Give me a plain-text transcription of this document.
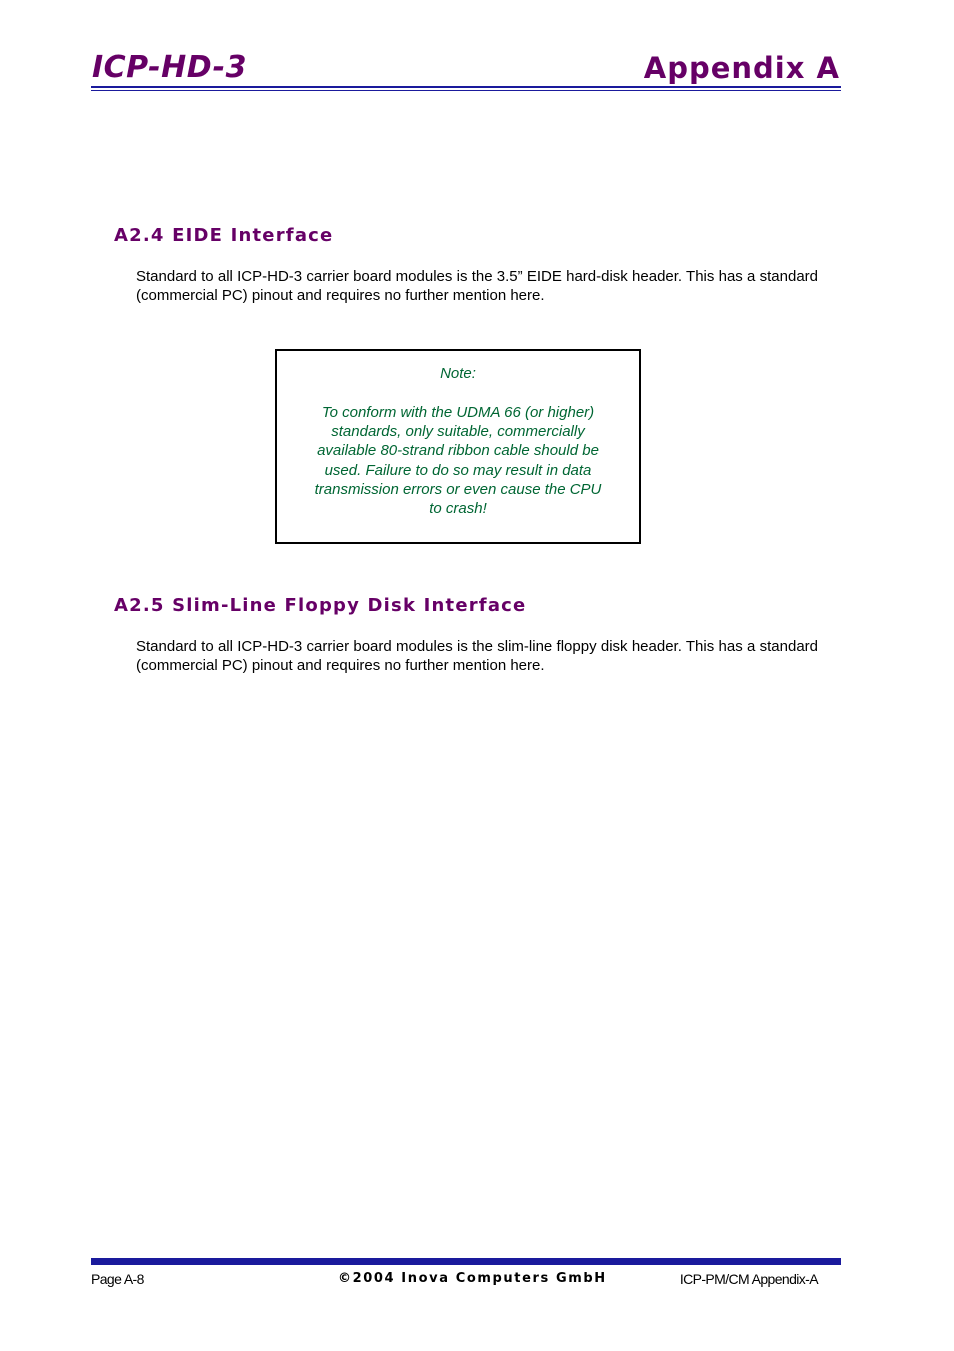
ICP-HD-3	Appendix A
A2.4 EIDE Interface

Standard to all ICP-HD-3 carrier board modules is the 3.5” EIDE hard-disk header. This has a standard (commercial PC) pinout and requires no further mention here.

Note:

To conform with the UDMA 66 (or higher) standards, only suitable, commercially available 80-strand ribbon cable should be used. Failure to do so may result in data transmission errors or even cause the CPU to crash!

A2.5 Slim-Line Floppy Disk Interface

Standard to all ICP-HD-3 carrier board modules is the slim-line floppy disk header. This has a standard (commercial PC) pinout and requires no further mention here.

Page A-8	©2004 Inova Computers GmbH	ICP-PM/CM Appendix-A
